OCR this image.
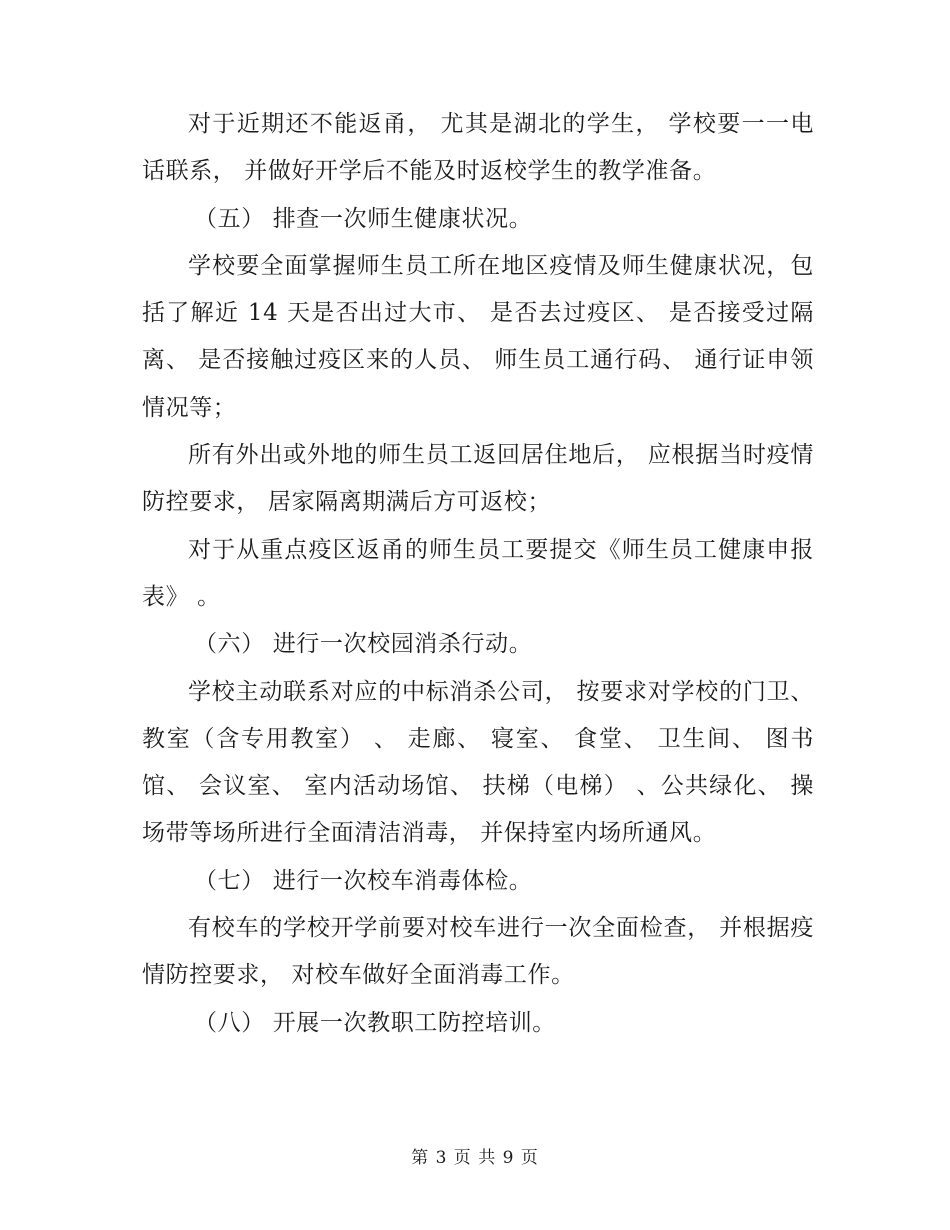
对于近期还不能返甬， 尤其是湖北的学生， 学校要一一电话联系， 并做好开学后不能及时返校学生的教学准备。

（五） 排查一次师生健康状况。

学校要全面掌握师生员工所在地区疫情及师生健康状况，包括了解近 14 天是否出过大市、 是否去过疫区、 是否接受过隔离、 是否接触过疫区来的人员、 师生员工通行码、 通行证申领情况等；

所有外出或外地的师生员工返回居住地后， 应根据当时疫情防控要求， 居家隔离期满后方可返校；

对于从重点疫区返甬的师生员工要提交《师生员工健康申报表》 。

（六） 进行一次校园消杀行动。

学校主动联系对应的中标消杀公司， 按要求对学校的门卫、 教室（含专用教室） 、 走廊、 寝室、 食堂、 卫生间、 图书馆、 会议室、 室内活动场馆、 扶梯（电梯） 、公共绿化、 操场带等场所进行全面清洁消毒， 并保持室内场所通风。

（七） 进行一次校车消毒体检。

有校车的学校开学前要对校车进行一次全面检查， 并根据疫情防控要求， 对校车做好全面消毒工作。

（八） 开展一次教职工防控培训。

第 3 页 共 9 页
